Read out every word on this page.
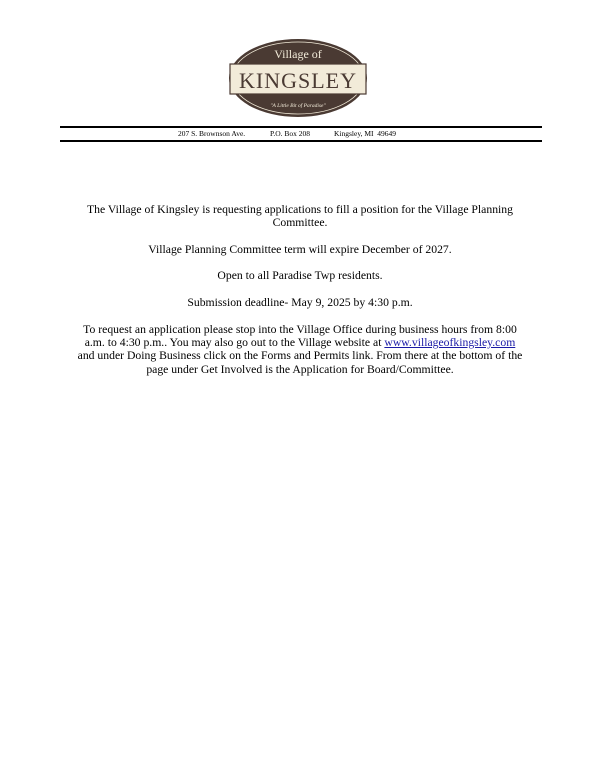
Village of
KINGSLEY
"A Little Bit of Paradise"

207 S. Brownson Ave.

	P.O. Box 208

	Kingsley, MI  49649

The Village of Kingsley is requesting applications to fill a position for the Village Planning Committee.

Village Planning Committee term will expire December of 2027.

Open to all Paradise Twp residents.

Submission deadline- May 9, 2025 by 4:30 p.m.

To request an application please stop into the Village Office during business hours from 8:00 a.m. to 4:30 p.m.. You may also go out to the Village website at www.villageofkingsley.com and under Doing Business click on the Forms and Permits link. From there at the bottom of the page under Get Involved is the Application for Board/Committee.
